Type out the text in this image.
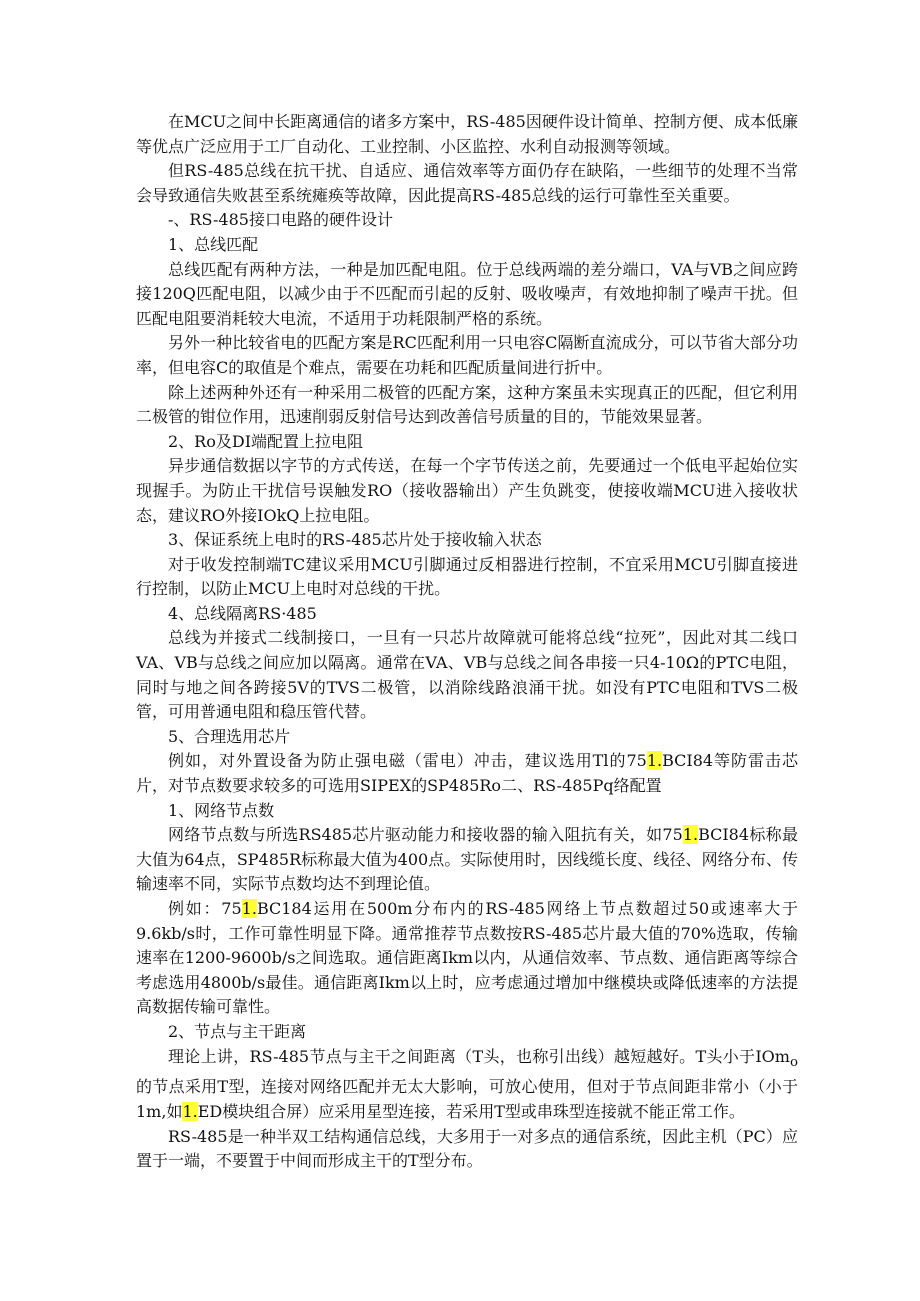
在MCU之间中长距离通信的诸多方案中，RS-485因硬件设计简单、控制方便、成本低廉等优点广泛应用于工厂自动化、工业控制、小区监控、水利自动报测等领域。

但RS-485总线在抗干扰、自适应、通信效率等方面仍存在缺陷，一些细节的处理不当常会导致通信失败甚至系统瘫痪等故障，因此提高RS-485总线的运行可靠性至关重要。

-、RS-485接口电路的硬件设计

1、总线匹配

总线匹配有两种方法，一种是加匹配电阻。位于总线两端的差分端口，VA与VB之间应跨接120Q匹配电阻，以减少由于不匹配而引起的反射、吸收噪声，有效地抑制了噪声干扰。但匹配电阻要消耗较大电流，不适用于功耗限制严格的系统。

另外一种比较省电的匹配方案是RC匹配利用一只电容C隔断直流成分，可以节省大部分功率，但电容C的取值是个难点，需要在功耗和匹配质量间进行折中。

除上述两种外还有一种采用二极管的匹配方案，这种方案虽未实现真正的匹配，但它利用二极管的钳位作用，迅速削弱反射信号达到改善信号质量的目的，节能效果显著。

2、Ro及DI端配置上拉电阻

异步通信数据以字节的方式传送，在每一个字节传送之前，先要通过一个低电平起始位实现握手。为防止干扰信号误触发RO（接收器输出）产生负跳变，使接收端MCU进入接收状态，建议RO外接IOkQ上拉电阻。

3、保证系统上电时的RS-485芯片处于接收输入状态

对于收发控制端TC建议采用MCU引脚通过反相器进行控制，不宜采用MCU引脚直接进行控制，以防止MCU上电时对总线的干扰。

4、总线隔离RS·485

总线为并接式二线制接口，一旦有一只芯片故障就可能将总线“拉死”，因此对其二线口VA、VB与总线之间应加以隔离。通常在VA、VB与总线之间各串接一只4-10Ω的PTC电阻，同时与地之间各跨接5V的TVS二极管，以消除线路浪涌干扰。如没有PTC电阻和TVS二极管，可用普通电阻和稳压管代替。

5、合理选用芯片

例如，对外置设备为防止强电磁（雷电）冲击，建议选用Tl的751.BCI84等防雷击芯片，对节点数要求较多的可选用SIPEX的SP485Ro二、RS-485Pq络配置

1、网络节点数

网络节点数与所选RS485芯片驱动能力和接收器的输入阻抗有关，如751.BCI84标称最大值为64点，SP485R标称最大值为400点。实际使用时，因线缆长度、线径、网络分布、传输速率不同，实际节点数均达不到理论值。

例如：751.BC184运用在500m分布内的RS-485网络上节点数超过50或速率大于9.6kb/s时，工作可靠性明显下降。通常推荐节点数按RS-485芯片最大值的70%选取，传输速率在1200-9600b/s之间选取。通信距离Ikm以内，从通信效率、节点数、通信距离等综合考虑选用4800b/s最佳。通信距离Ikm以上时，应考虑通过增加中继模块或降低速率的方法提高数据传输可靠性。

2、节点与主干距离

理论上讲，RS-485节点与主干之间距离（T头，也称引出线）越短越好。T头小于IOm$_o$的节点采用T型，连接对网络匹配并无太大影响，可放心使用，但对于节点间距非常小（小于1m,如1.ED模块组合屏）应采用星型连接，若采用T型或串珠型连接就不能正常工作。

RS-485是一种半双工结构通信总线，大多用于一对多点的通信系统，因此主机（PC）应置于一端，不要置于中间而形成主干的T型分布。
